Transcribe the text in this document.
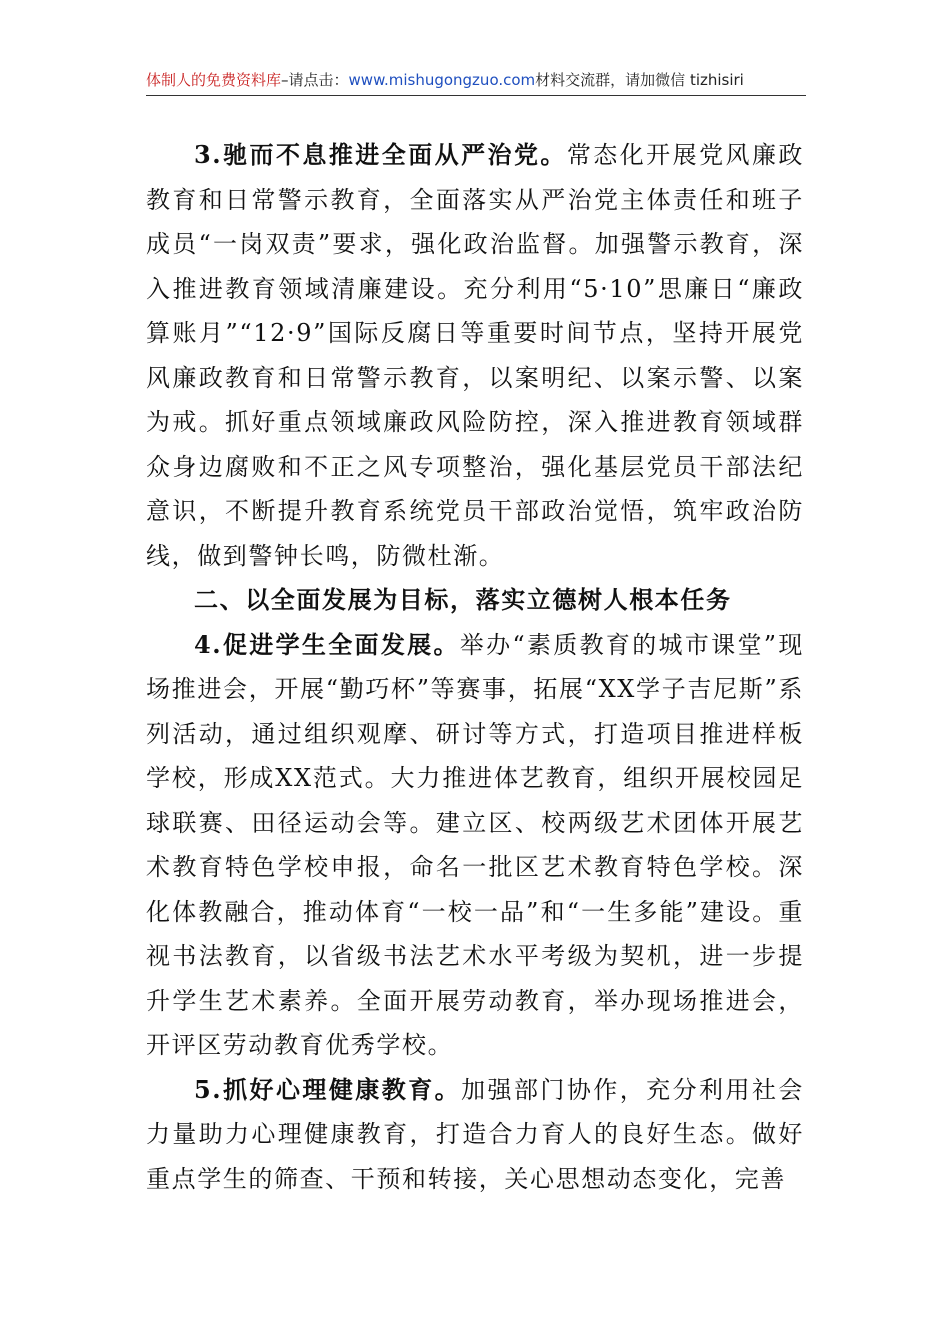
体制人的免费资料库–请点击：www.mishugongzuo.com材料交流群，请加微信 tizhisiri

3.驰而不息推进全面从严治党。常态化开展党风廉政教育和日常警示教育，全面落实从严治党主体责任和班子成员“一岗双责”要求，强化政治监督。加强警示教育，深入推进教育领域清廉建设。充分利用“5·10”思廉日“廉政算账月”“12·9”国际反腐日等重要时间节点，坚持开展党风廉政教育和日常警示教育，以案明纪、以案示警、以案为戒。抓好重点领域廉政风险防控，深入推进教育领域群众身边腐败和不正之风专项整治，强化基层党员干部法纪意识，不断提升教育系统党员干部政治觉悟，筑牢政治防线，做到警钟长鸣，防微杜渐。

二、以全面发展为目标，落实立德树人根本任务

4.促进学生全面发展。举办“素质教育的城市课堂”现场推进会，开展“勤巧杯”等赛事，拓展“XX学子吉尼斯”系列活动，通过组织观摩、研讨等方式，打造项目推进样板学校，形成XX范式。大力推进体艺教育，组织开展校园足球联赛、田径运动会等。建立区、校两级艺术团体开展艺术教育特色学校申报，命名一批区艺术教育特色学校。深化体教融合，推动体育“一校一品”和“一生多能”建设。重视书法教育，以省级书法艺术水平考级为契机，进一步提升学生艺术素养。全面开展劳动教育，举办现场推进会，开评区劳动教育优秀学校。

5.抓好心理健康教育。加强部门协作，充分利用社会力量助力心理健康教育，打造合力育人的良好生态。做好重点学生的筛查、干预和转接，关心思想动态变化，完善
